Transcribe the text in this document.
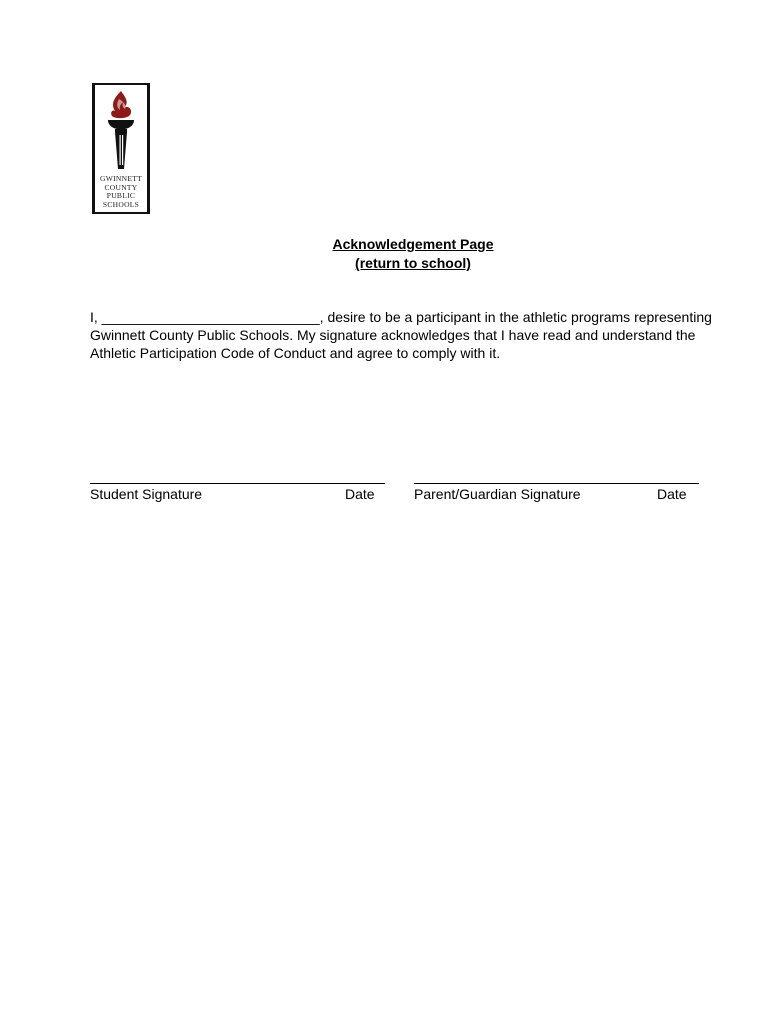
GWINNETT
COUNTY
PUBLIC
SCHOOLS
Acknowledgement Page
(return to school)
I, ____________________________, desire to be a participant in the athletic programs representing Gwinnett County Public Schools. My signature acknowledges that I have read and understand the Athletic Participation Code of Conduct and agree to comply with it.
Student Signature	Date	Parent/Guardian Signature	Date
